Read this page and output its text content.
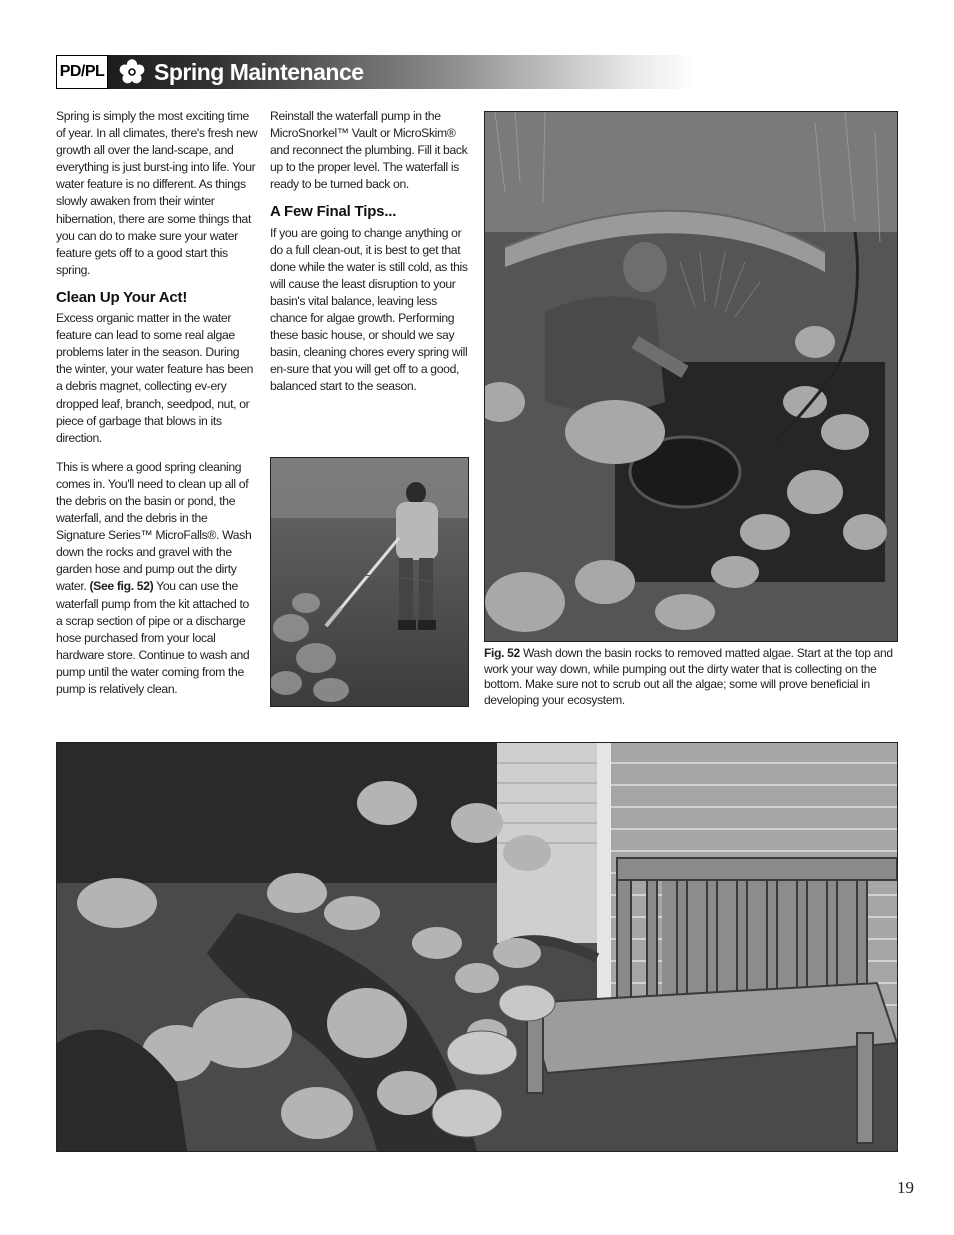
PD/PL Spring Maintenance

Spring is simply the most exciting time of year. In all climates, there's fresh new growth all over the land-scape, and everything is just burst-ing into life. Your water feature is no different. As things slowly awaken from their winter hibernation, there are some things that you can do to make sure your water feature gets off to a good start this spring.

Clean Up Your Act!

Excess organic matter in the water feature can lead to some real algae problems later in the season. During the winter, your water feature has been a debris magnet, collecting ev-ery dropped leaf, branch, seedpod, nut, or piece of garbage that blows in its direction.

This is where a good spring cleaning comes in. You'll need to clean up all of the debris on the basin or pond, the waterfall, and the debris in the Signature Series™ MicroFalls®. Wash down the rocks and gravel with the garden hose and pump out the dirty water. (See fig. 52) You can use the waterfall pump from the kit attached to a scrap section of pipe or a discharge hose purchased from your local hardware store. Continue to wash and pump until the water coming from the pump is relatively clean.

Reinstall the waterfall pump in the MicroSnorkel™ Vault or MicroSkim® and reconnect the plumbing. Fill it back up to the proper level. The waterfall is ready to be turned back on.

A Few Final Tips...

If you are going to change anything or do a full clean-out, it is best to get that done while the water is still cold, as this will cause the least disruption to your basin's vital balance, leaving less chance for algae growth. Performing these basic house, or should we say basin, cleaning chores every spring will en-sure that you will get off to a good, balanced start to the season.

Fig. 52 Wash down the basin rocks to removed matted algae. Start at the top and work your way down, while pumping out the dirty water that is collecting on the bottom. Make sure not to scrub out all the algae; some will prove beneficial in developing your ecosystem.
19
